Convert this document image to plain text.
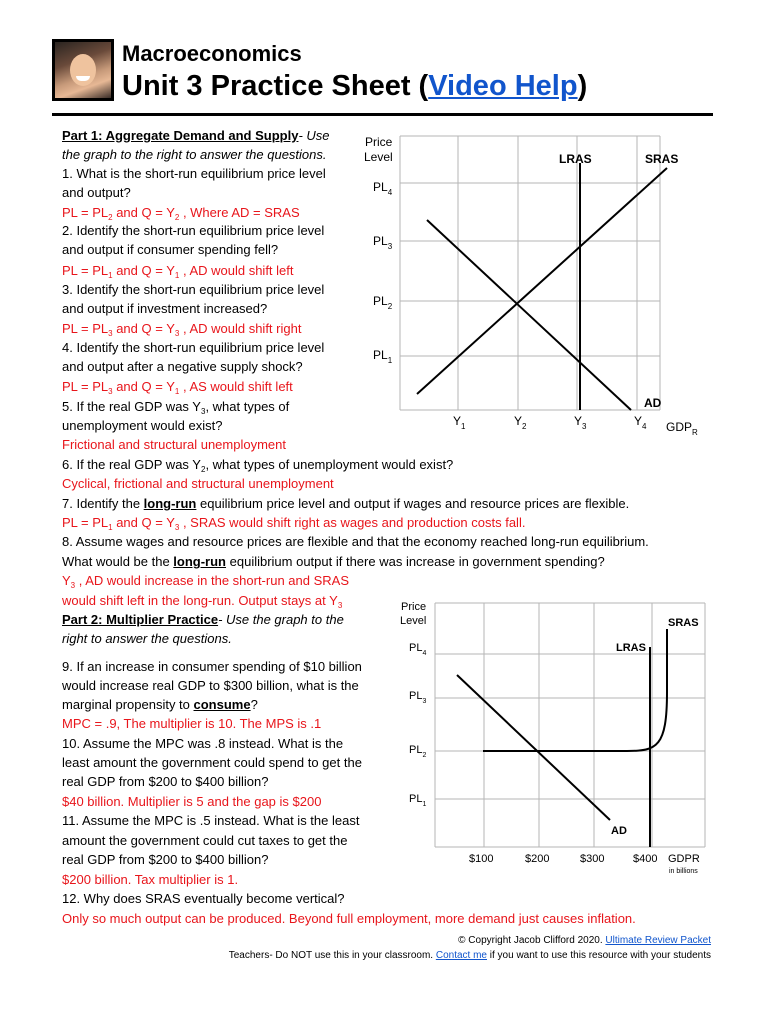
Macroeconomics
Unit 3 Practice Sheet (Video Help)
Part 1: Aggregate Demand and Supply- Use
the graph to the right to answer the questions.
1. What is the short-run equilibrium price level
and output?
PL = $PL_2$ and $Q = Y_2$ , Where AD = SRAS
2. Identify the short-run equilibrium price level
and output if consumer spending fell?
PL = $PL_1$ and $Q = Y_1$ , AD would shift left
3. Identify the short-run equilibrium price level
and output if investment increased?
PL = $PL_3$ and $Q = Y_3$ , AD would shift right
4. Identify the short-run equilibrium price level
and output after a negative supply shock?
PL = $PL_3$ and $Q = Y_1$ , AS would shift left
5. If the real GDP was $Y_3$, what types of
unemployment would exist?
Frictional and structural unemployment
6. If the real GDP was $Y_2$, what types of unemployment would exist?
Cyclical, frictional and structural unemployment
7. Identify the long-run equilibrium price level and output if wages and resource prices are flexible.
PL = $PL_1$ and $Q = Y_3$ , SRAS would shift right as wages and production costs fall.
8. Assume wages and resource prices are flexible and that the economy reached long-run equilibrium.
What would be the long-run equilibrium output if there was increase in government spending?
$Y_3$ , AD would increase in the short-run and SRAS
would shift left in the long-run. Output stays at $Y_3$
Part 2: Multiplier Practice- Use the graph to the
right to answer the questions.
9. If an increase in consumer spending of $10 billion
would increase real GDP to $300 billion, what is the
marginal propensity to consume?
MPC = .9, The multiplier is 10. The MPS is .1
10. Assume the MPC was .8 instead. What is the
least amount the government could spend to get the
real GDP from $200 to $400 billion?
$40 billion. Multiplier is 5 and the gap is $200
11. Assume the MPC is .5 instead. What is the least
amount the government could cut taxes to get the
real GDP from $200 to $400 billion?
$200 billion. Tax multiplier is 1.
12. Why does SRAS eventually become vertical?
Only so much output can be produced. Beyond full employment, more demand just causes inflation.
Price
Level
$PL_4$
$PL_3$
$PL_2$
$PL_1$
LRAS	SRAS
AD
$Y_1$	$Y_2$	$Y_3$	$Y_4$ $GDP_R$
Price
Level
$PL_4$
$PL_3$
$PL_2$
$PL_1$
LRAS
SRAS
AD
$100	$200	$300	$400 GDPR
in billions
© Copyright Jacob Clifford 2020. Ultimate Review Packet
Teachers- Do NOT use this in your classroom. Contact me if you want to use this resource with your students
